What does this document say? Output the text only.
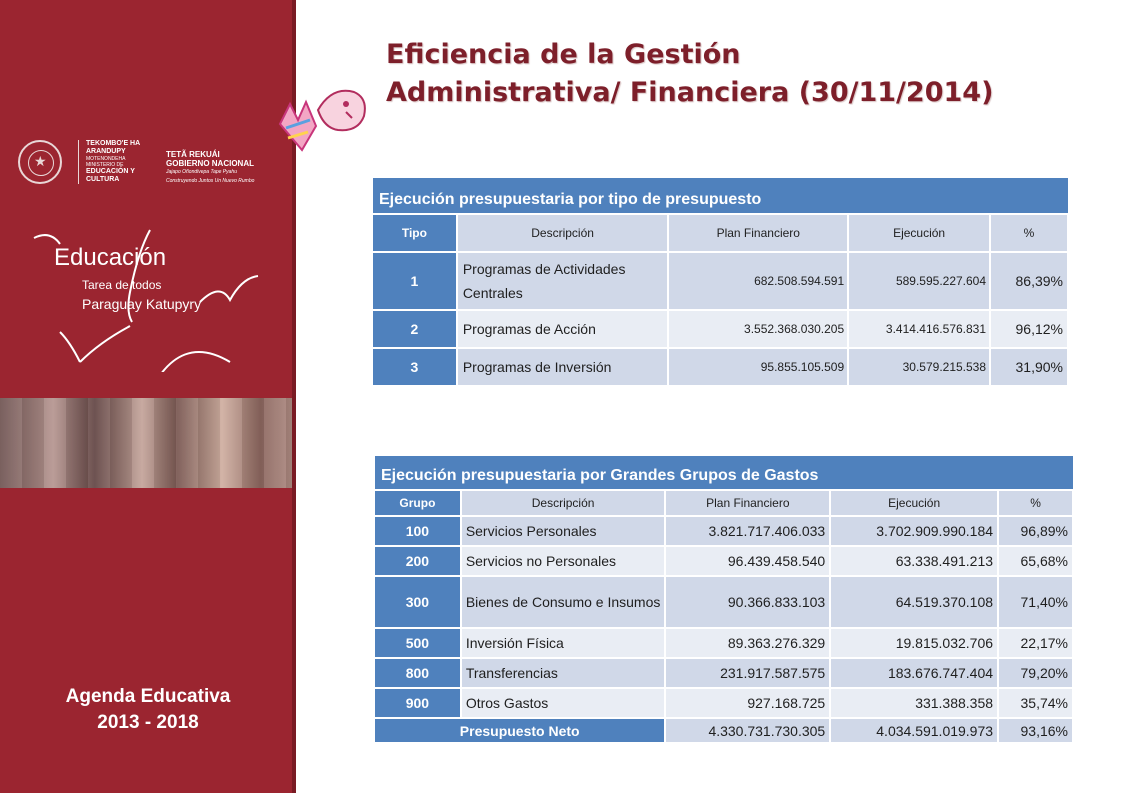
★
TEKOMBO'E HA ARANDUPY
MOTENONDEHA
MINISTERIO DE
EDUCACIÓN Y CULTURA
TETÃ REKUÁI
GOBIERNO NACIONAL
Jajapo Oñondivepa Tape Pyahu
Construyendo Juntos Un Nuevo Rumbo
Educación
Tarea de todos
Paraguay Katupyry
Agenda Educativa
2013 - 2018
Eficiencia de la Gestión
Administrativa/ Financiera (30/11/2014)
Ejecución presupuestaria por tipo de presupuesto				
Tipo	Descripción	Plan Financiero	Ejecución	%
1	Programas de Actividades Centrales	682.508.594.591	589.595.227.604	86,39%
2	Programas de Acción	3.552.368.030.205	3.414.416.576.831	96,12%
3	Programas de Inversión	95.855.105.509	30.579.215.538	31,90%
Ejecución presupuestaria por Grandes Grupos de Gastos				
Grupo	Descripción	Plan Financiero	Ejecución	%
100	Servicios Personales	3.821.717.406.033	3.702.909.990.184	96,89%
200	Servicios no Personales	96.439.458.540	63.338.491.213	65,68%
300	Bienes de Consumo e Insumos	90.366.833.103	64.519.370.108	71,40%
500	Inversión Física	89.363.276.329	19.815.032.706	22,17%
800	Transferencias	231.917.587.575	183.676.747.404	79,20%
900	Otros Gastos	927.168.725	331.388.358	35,74%
Presupuesto Neto		4.330.731.730.305	4.034.591.019.973	93,16%
